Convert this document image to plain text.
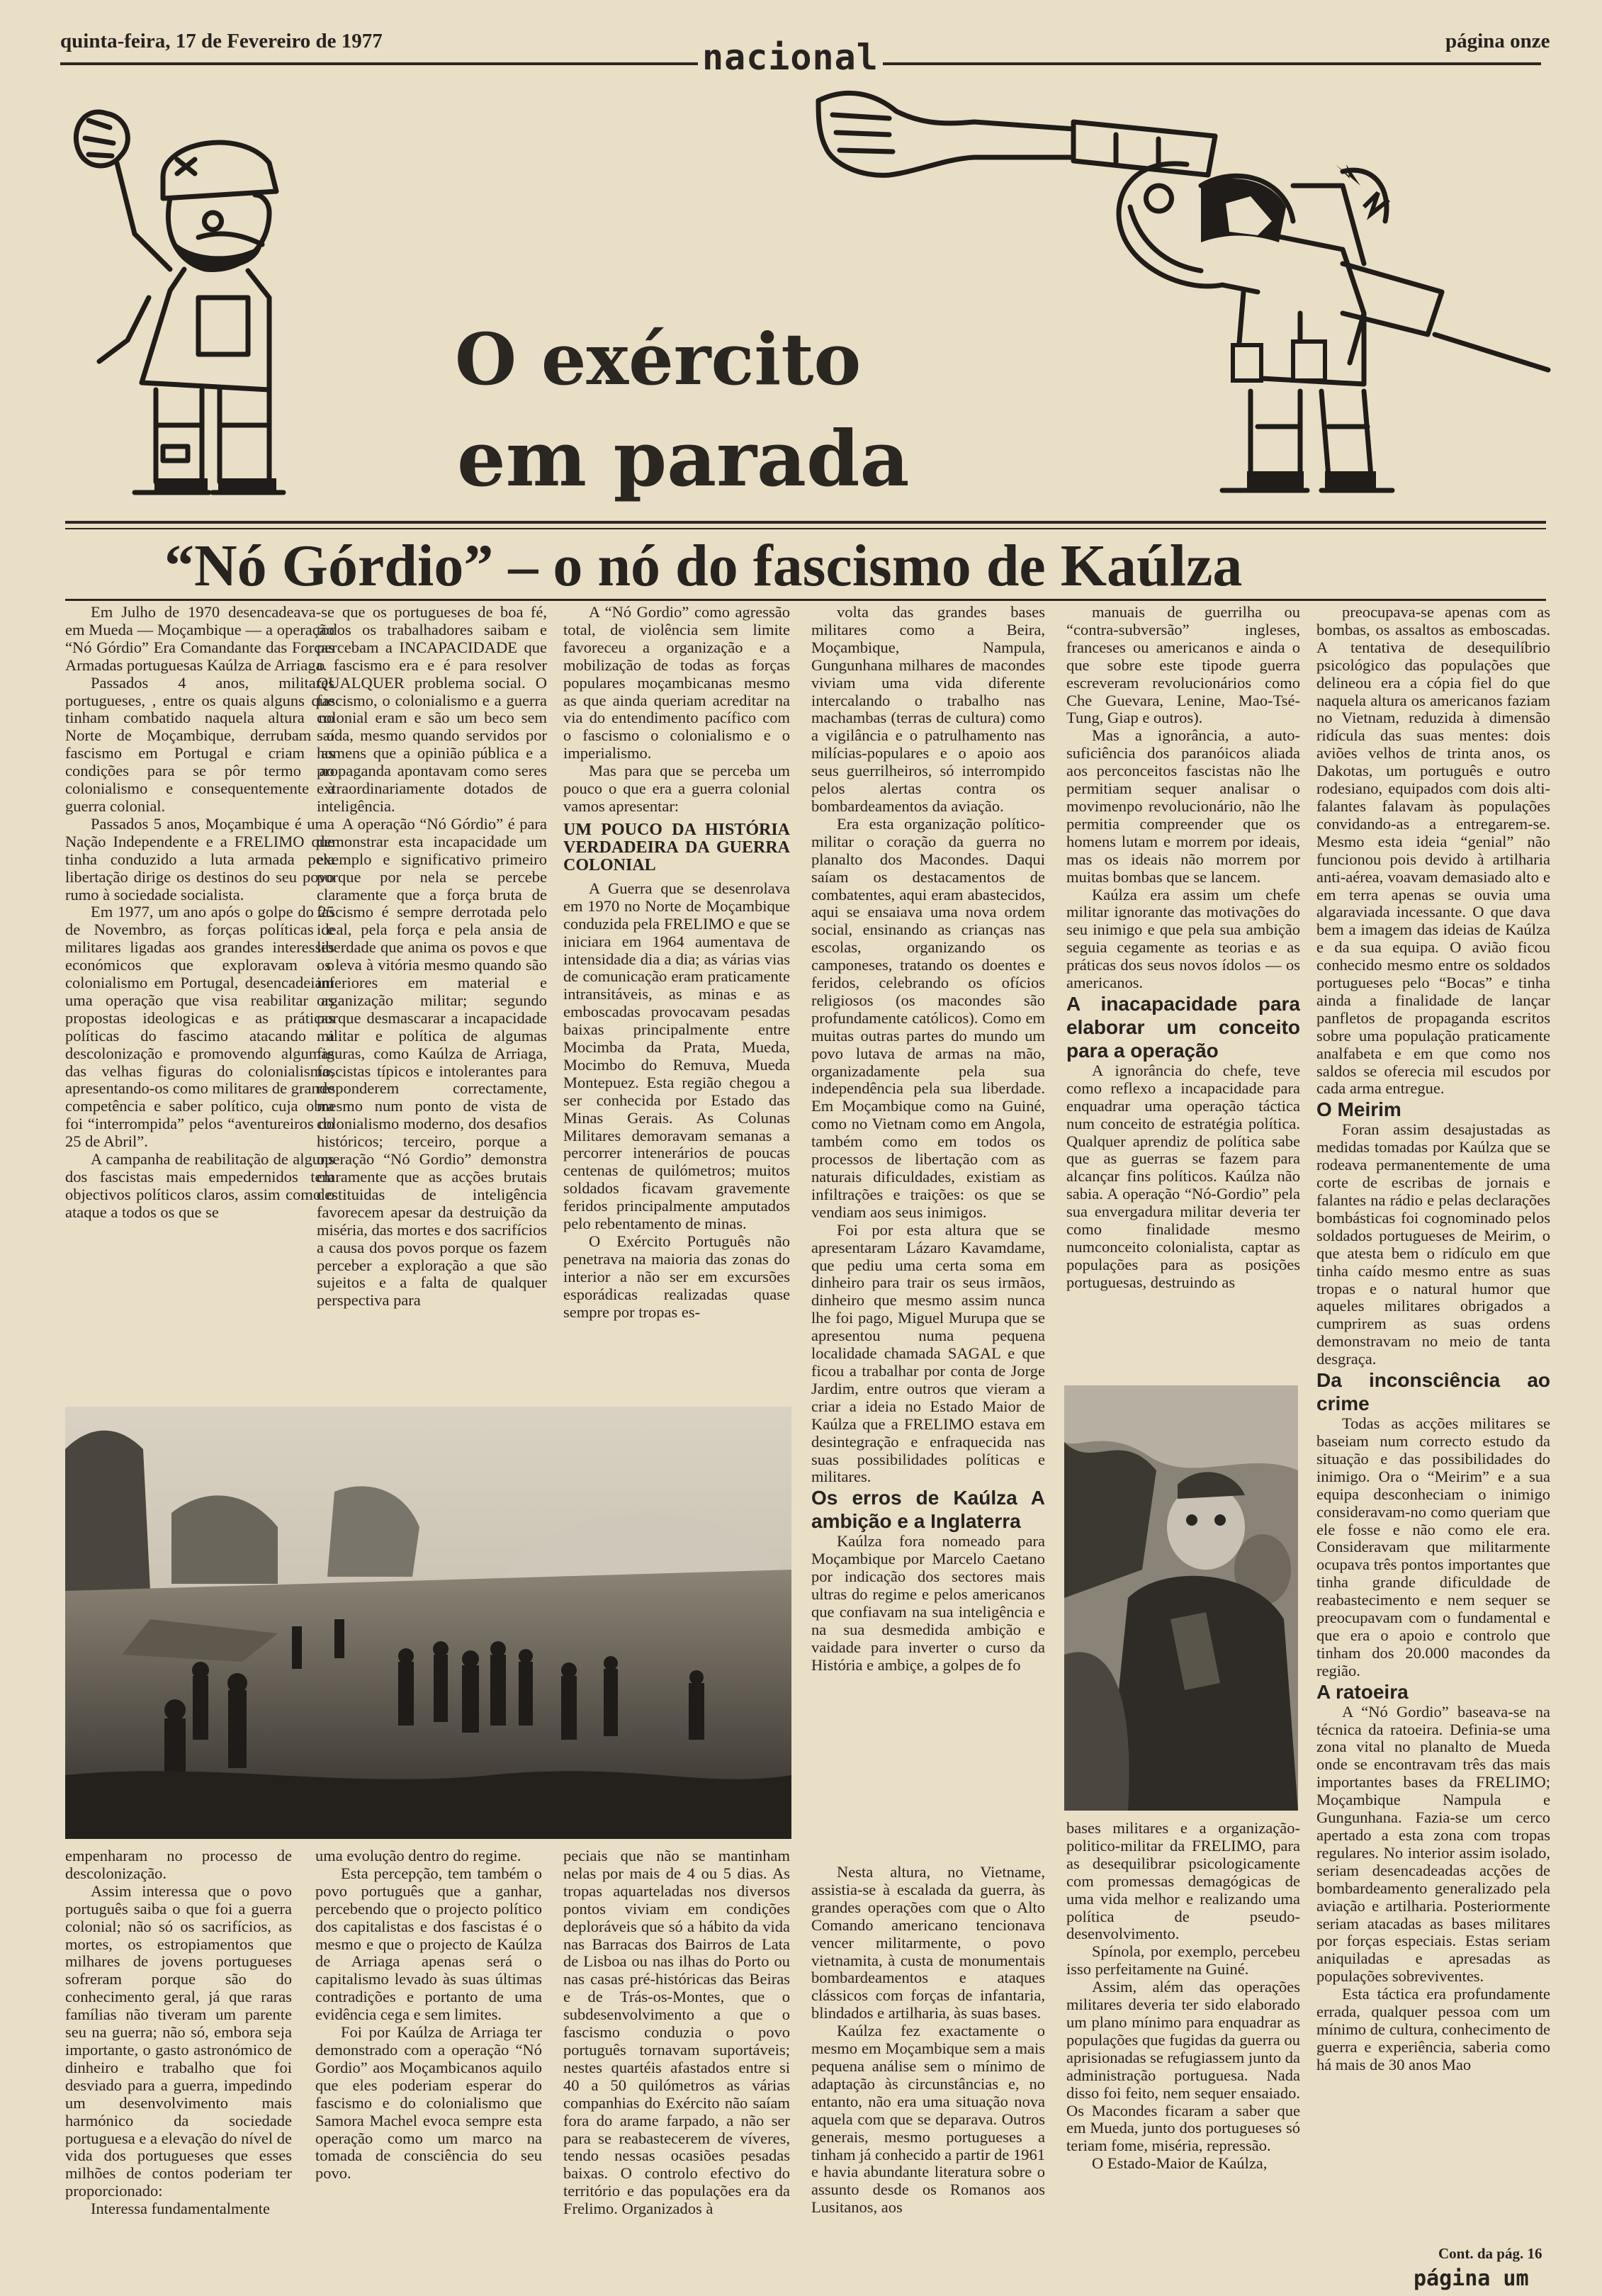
quinta-feira, 17 de Fevereiro de 1977	nacional	página onze
O exército
em parada
“Nó Górdio” – o nó do fascismo de Kaúlza

Em Julho de 1970 desencadeava-se em Mueda — Moçambique — a operação “Nó Górdio” Era Comandante das Forças Armadas portuguesas Kaúlza de Arriaga.

Passados 4 anos, militares portugueses, , entre os quais alguns que tinham combatido naquela altura no Norte de Moçambique, derrubam o fascismo em Portugal e criam as condições para se pôr termo ao colonialismo e consequentemente à guerra colonial.

Passados 5 anos, Moçambique é uma Nação Independente e a FRELIMO que tinha conduzido a luta armada pela libertação dirige os destinos do seu povo rumo à sociedade socialista.

Em 1977, um ano após o golpe do 25 de Novembro, as forças políticas e militares ligadas aos grandes interesses económicos que exploravam o colonialismo em Portugal, desencadeiam uma operação que visa reabilitar as propostas ideologicas e as práticas políticas do fascimo atacando a descolonização e promovendo algumas das velhas figuras do colonialismo, apresentando-os como militares de grande competência e saber político, cuja obra foi “interrompida” pelos “aventureiros do 25 de Abril”.

A campanha de reabilitação de alguns dos fascistas mais empedernidos tem objectivos políticos claros, assim como o ataque a todos os que se

que os portugueses de boa fé, todos os trabalhadores saibam e percebam a INCAPACIDADE que o fascismo era e é para resolver QUALQUER problema social. O fascismo, o colonialismo e a guerra colonial eram e são um beco sem saída, mesmo quando servidos por homens que a opinião pública e a propaganda apontavam como seres extraordinariamente dotados de inteligência.

A operação “Nó Górdio” é para demonstrar esta incapacidade um exemplo e significativo primeiro porque por nela se percebe claramente que a força bruta de fascismo é sempre derrotada pelo ideal, pela força e pela ansia de liberdade que anima os povos e que os leva à vitória mesmo quando são inferiores em material e organização militar; segundo porque desmascarar a incapacidade militar e política de algumas figuras, como Kaúlza de Arriaga, fascistas típicos e intolerantes para responderem correctamente, mesmo num ponto de vista de colonialismo moderno, dos desafios históricos; terceiro, porque a operação “Nó Gordio” demonstra claramente que as acções brutais destituidas de inteligência favorecem apesar da destruição da miséria, das mortes e dos sacrifícios a causa dos povos porque os fazem perceber a exploração a que são sujeitos e a falta de qualquer perspectiva para

A “Nó Gordio” como agressão total, de violência sem limite favoreceu a organização e a mobilização de todas as forças populares moçambicanas mesmo as que ainda queriam acreditar na via do entendimento pacífico com o fascismo o colonialismo e o imperialismo.

Mas para que se perceba um pouco o que era a guerra colonial vamos apresentar:

UM POUCO DA HISTÓRIA VERDADEIRA DA GUERRA COLONIAL

A Guerra que se desenrolava em 1970 no Norte de Moçambique conduzida pela FRELIMO e que se iniciara em 1964 aumentava de intensidade dia a dia; as várias vias de comunicação eram praticamente intransitáveis, as minas e as emboscadas provocavam pesadas baixas principalmente entre Mocimba da Prata, Mueda, Mocimbo do Remuva, Mueda Montepuez. Esta região chegou a ser conhecida por Estado das Minas Gerais. As Colunas Militares demoravam semanas a percorrer intenerários de poucas centenas de quilómetros; muitos soldados ficavam gravemente feridos principalmente amputados pelo rebentamento de minas.

O Exército Português não penetrava na maioria das zonas do interior a não ser em excursões esporádicas realizadas quase sempre por tropas es-

volta das grandes bases militares como a Beira, Moçambique, Nampula, Gungunhana milhares de macondes viviam uma vida diferente intercalando o trabalho nas machambas (terras de cultura) como a vigilância e o patrulhamento nas milícias-populares e o apoio aos seus guerrilheiros, só interrompido pelos alertas contra os bombardeamentos da aviação.

Era esta organização político-militar o coração da guerra no planalto dos Macondes. Daqui saíam os destacamentos de combatentes, aqui eram abastecidos, aqui se ensaiava uma nova ordem social, ensinando as crianças nas escolas, organizando os camponeses, tratando os doentes e feridos, celebrando os ofícios religiosos (os macondes são profundamente católicos). Como em muitas outras partes do mundo um povo lutava de armas na mão, organizadamente pela sua independência pela sua liberdade. Em Moçambique como na Guiné, como no Vietnam como em Angola, também como em todos os processos de libertação com as naturais dificuldades, existiam as infiltrações e traições: os que se vendiam aos seus inimigos.

Foi por esta altura que se apresentaram Lázaro Kavamdame, que pediu uma certa soma em dinheiro para trair os seus irmãos, dinheiro que mesmo assim nunca lhe foi pago, Miguel Murupa que se apresentou numa pequena localidade chamada SAGAL e que ficou a trabalhar por conta de Jorge Jardim, entre outros que vieram a criar a ideia no Estado Maior de Kaúlza que a FRELIMO estava em desintegração e enfraquecida nas suas possibilidades políticas e militares.

Os erros de Kaúlza A ambição e a Inglaterra

Kaúlza fora nomeado para Moçambique por Marcelo Caetano por indicação dos sectores mais ultras do regime e pelos americanos que confiavam na sua inteligência e na sua desmedida ambição e vaidade para inverter o curso da História e ambiçe, a golpes de fo

manuais de guerrilha ou “contra-subversão” ingleses, franceses ou americanos e ainda o que sobre este tipode guerra escreveram revolucionários como Che Guevara, Lenine, Mao-Tsé-Tung, Giap e outros).

Mas a ignorância, a auto-suficiência dos paranóicos aliada aos perconceitos fascistas não lhe permitiam sequer analisar o movimenpo revolucionário, não lhe permitia compreender que os homens lutam e morrem por ideais, mas os ideais não morrem por muitas bombas que se lancem.

Kaúlza era assim um chefe militar ignorante das motivações do seu inimigo e que pela sua ambição seguia cegamente as teorias e as práticas dos seus novos ídolos — os americanos.

A inacapacidade para elaborar um conceito para a operação

A ignorância do chefe, teve como reflexo a incapacidade para enquadrar uma operação táctica num conceito de estratégia política. Qualquer aprendiz de política sabe que as guerras se fazem para alcançar fins políticos. Kaúlza não sabia. A operação “Nó-Gordio” pela sua envergadura militar deveria ter como finalidade mesmo numconceito colonialista, captar as populações para as posições portuguesas, destruindo as

preocupava-se apenas com as bombas, os assaltos as emboscadas. A tentativa de desequilíbrio psicológico das populações que delineou era a cópia fiel do que naquela altura os americanos faziam no Vietnam, reduzida à dimensão ridícula das suas mentes: dois aviões velhos de trinta anos, os Dakotas, um português e outro rodesiano, equipados com dois alti-falantes falavam às populações convidando-as a entregarem-se. Mesmo esta ideia “genial” não funcionou pois devido à artilharia anti-aérea, voavam demasiado alto e em terra apenas se ouvia uma algaraviada incessante. O que dava bem a imagem das ideias de Kaúlza e da sua equipa. O avião ficou conhecido mesmo entre os soldados portugueses pelo “Bocas” e tinha ainda a finalidade de lançar panfletos de propaganda escritos sobre uma população praticamente analfabeta e em que como nos saldos se oferecia mil escudos por cada arma entregue.

O Meirim

Foran assim desajustadas as medidas tomadas por Kaúlza que se rodeava permanentemente de uma corte de escribas de jornais e falantes na rádio e pelas declarações bombásticas foi cognominado pelos soldados portugueses de Meirim, o que atesta bem o ridículo em que tinha caído mesmo entre as suas tropas e o natural humor que aqueles militares obrigados a cumprirem as suas ordens demonstravam no meio de tanta desgraça.

Da inconsciência ao crime

Todas as acções militares se baseiam num correcto estudo da situação e das possibilidades do inimigo. Ora o “Meirim” e a sua equipa desconheciam o inimigo consideravam-no como queriam que ele fosse e não como ele era. Consideravam que militarmente ocupava três pontos importantes que tinha grande dificuldade de reabastecimento e nem sequer se preocupavam com o fundamental e que era o apoio e controlo que tinham dos 20.000 macondes da região.

A ratoeira

A “Nó Gordio” baseava-se na técnica da ratoeira. Definia-se uma zona vital no planalto de Mueda onde se encontravam três das mais importantes bases da FRELIMO; Moçambique Nampula e Gungunhana. Fazia-se um cerco apertado a esta zona com tropas regulares. No interior assim isolado, seriam desencadeadas acções de bombardeamento generalizado pela aviação e artilharia. Posteriormente seriam atacadas as bases militares por forças especiais. Estas seriam aniquiladas e apresadas as populações sobreviventes.

Esta táctica era profundamente errada, qualquer pessoa com um mínimo de cultura, conhecimento de guerra e experiência, saberia como há mais de 30 anos Mao

empenharam no processo de descolonização.

Assim interessa que o povo português saiba o que foi a guerra colonial; não só os sacrifícios, as mortes, os estropiamentos que milhares de jovens portugueses sofreram porque são do conhecimento geral, já que raras famílias não tiveram um parente seu na guerra; não só, embora seja importante, o gasto astronómico de dinheiro e trabalho que foi desviado para a guerra, impedindo um desenvolvimento mais harmónico da sociedade portuguesa e a elevação do nível de vida dos portugueses que esses milhões de contos poderiam ter proporcionado:

Interessa fundamentalmente

uma evolução dentro do regime.

Esta percepção, tem também o povo português que a ganhar, percebendo que o projecto político dos capitalistas e dos fascistas é o mesmo e que o projecto de Kaúlza de Arriaga apenas será o capitalismo levado às suas últimas contradições e portanto de uma evidência cega e sem limites.

Foi por Kaúlza de Arriaga ter demonstrado com a operação “Nó Gordio” aos Moçambicanos aquilo que eles poderiam esperar do fascismo e do colonialismo que Samora Machel evoca sempre esta operação como um marco na tomada de consciência do seu povo.

peciais que não se mantinham nelas por mais de 4 ou 5 dias. As tropas aquarteladas nos diversos pontos viviam em condições deploráveis que só a hábito da vida nas Barracas dos Bairros de Lata de Lisboa ou nas ilhas do Porto ou nas casas pré-históricas das Beiras e de Trás-os-Montes, que o subdesenvolvimento a que o fascismo conduzia o povo português tornavam suportáveis; nestes quartéis afastados entre si 40 a 50 quilómetros as várias companhias do Exército não saíam fora do arame farpado, a não ser para se reabastecerem de víveres, tendo nessas ocasiões pesadas baixas. O controlo efectivo do território e das populações era da Frelimo. Organizados à

Nesta altura, no Vietname, assistia-se à escalada da guerra, às grandes operações com que o Alto Comando americano tencionava vencer militarmente, o povo vietnamita, à custa de monumentais bombardeamentos e ataques clássicos com forças de infantaria, blindados e artilharia, às suas bases.

Kaúlza fez exactamente o mesmo em Moçambique sem a mais pequena análise sem o mínimo de adaptação às circunstâncias e, no entanto, não era uma situação nova aquela com que se deparava. Outros generais, mesmo portugueses a tinham já conhecido a partir de 1961 e havia abundante literatura sobre o assunto desde os Romanos aos Lusitanos, aos

bases militares e a organização-politico-militar da FRELIMO, para as desequilibrar psicologicamente com promessas demagógicas de uma vida melhor e realizando uma política de pseudo-desenvolvimento.

Spínola, por exemplo, percebeu isso perfeitamente na Guiné.

Assim, além das operações militares deveria ter sido elaborado um plano mínimo para enquadrar as populações que fugidas da guerra ou aprisionadas se refugiassem junto da administração portuguesa. Nada disso foi feito, nem sequer ensaiado. Os Macondes ficaram a saber que em Mueda, junto dos portugueses só teriam fome, miséria, repressão.

O Estado-Maior de Kaúlza,

Cont. da pág. 16
página um
